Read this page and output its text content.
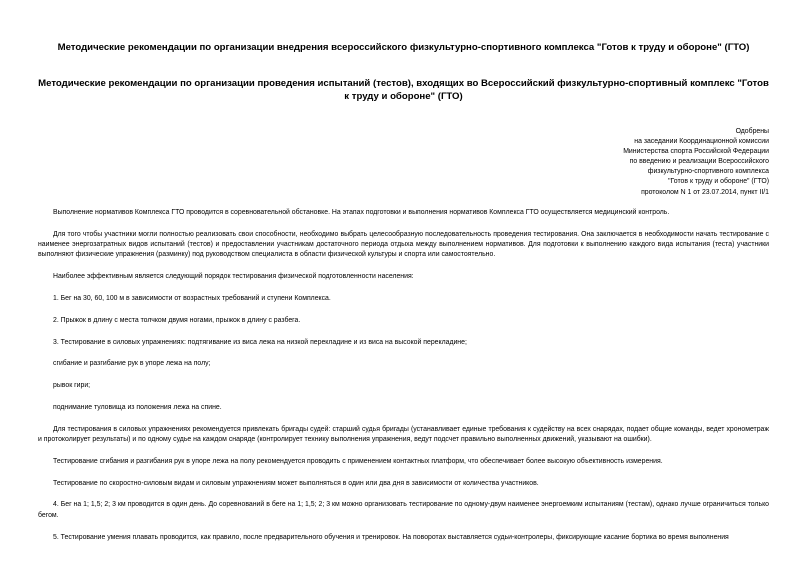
Методические рекомендации по организации внедрения всероссийского физкультурно-спортивного комплекса "Готов к труду и обороне" (ГТО)
Методические рекомендации по организации проведения испытаний (тестов), входящих во Всероссийский физкультурно-спортивный комплекс "Готов к труду и обороне" (ГТО)
Одобрены
на заседании Координационной комиссии
Министерства спорта Российской Федерации
по введению и реализации Всероссийского
физкультурно-спортивного комплекса
"Готов к труду и обороне" (ГТО)
протоколом N 1 от 23.07.2014, пункт II/1

Выполнение нормативов Комплекса ГТО проводится в соревновательной обстановке. На этапах подготовки и выполнения нормативов Комплекса ГТО осуществляется медицинский контроль.

Для того чтобы участники могли полностью реализовать свои способности, необходимо выбрать целесообразную последовательность проведения тестирования. Она заключается в необходимости начать тестирование с наименее энергозатратных видов испытаний (тестов) и предоставлении участникам достаточного периода отдыха между выполнением нормативов. Для подготовки к выполнению каждого вида испытания (теста) участники выполняют физические упражнения (разминку) под руководством специалиста в области физической культуры и спорта или самостоятельно.

Наиболее эффективным является следующий порядок тестирования физической подготовленности населения:

1. Бег на 30, 60, 100 м в зависимости от возрастных требований и ступени Комплекса.

2. Прыжок в длину с места толчком двумя ногами, прыжок в длину с разбега.

3. Тестирование в силовых упражнениях: подтягивание из виса лежа на низкой перекладине и из виса на высокой перекладине;

сгибание и разгибание рук в упоре лежа на полу;

рывок гири;

поднимание туловища из положения лежа на спине.

Для тестирования в силовых упражнениях рекомендуется привлекать бригады судей: старший судья бригады (устанавливает единые требования к судейству на всех снарядах, подает общие команды, ведет хронометраж и протоколирует результаты) и по одному судье на каждом снаряде (контролирует технику выполнения упражнения, ведут подсчет правильно выполненных движений, указывают на ошибки).

Тестирование сгибания и разгибания рук в упоре лежа на полу рекомендуется проводить с применением контактных платформ, что обеспечивает более высокую объективность измерения.

Тестирование по скоростно-силовым видам и силовым упражнениям может выполняться в один или два дня в зависимости от количества участников.

4. Бег на 1; 1,5; 2; 3 км проводится в один день. До соревнований в беге на 1; 1,5; 2; 3 км можно организовать тестирование по одному-двум наименее энергоемким испытаниям (тестам), однако лучше ограничиться только бегом.

5. Тестирование умения плавать проводится, как правило, после предварительного обучения и тренировок. На поворотах выставляется судьи-контролеры, фиксирующие касание бортика во время выполнения
